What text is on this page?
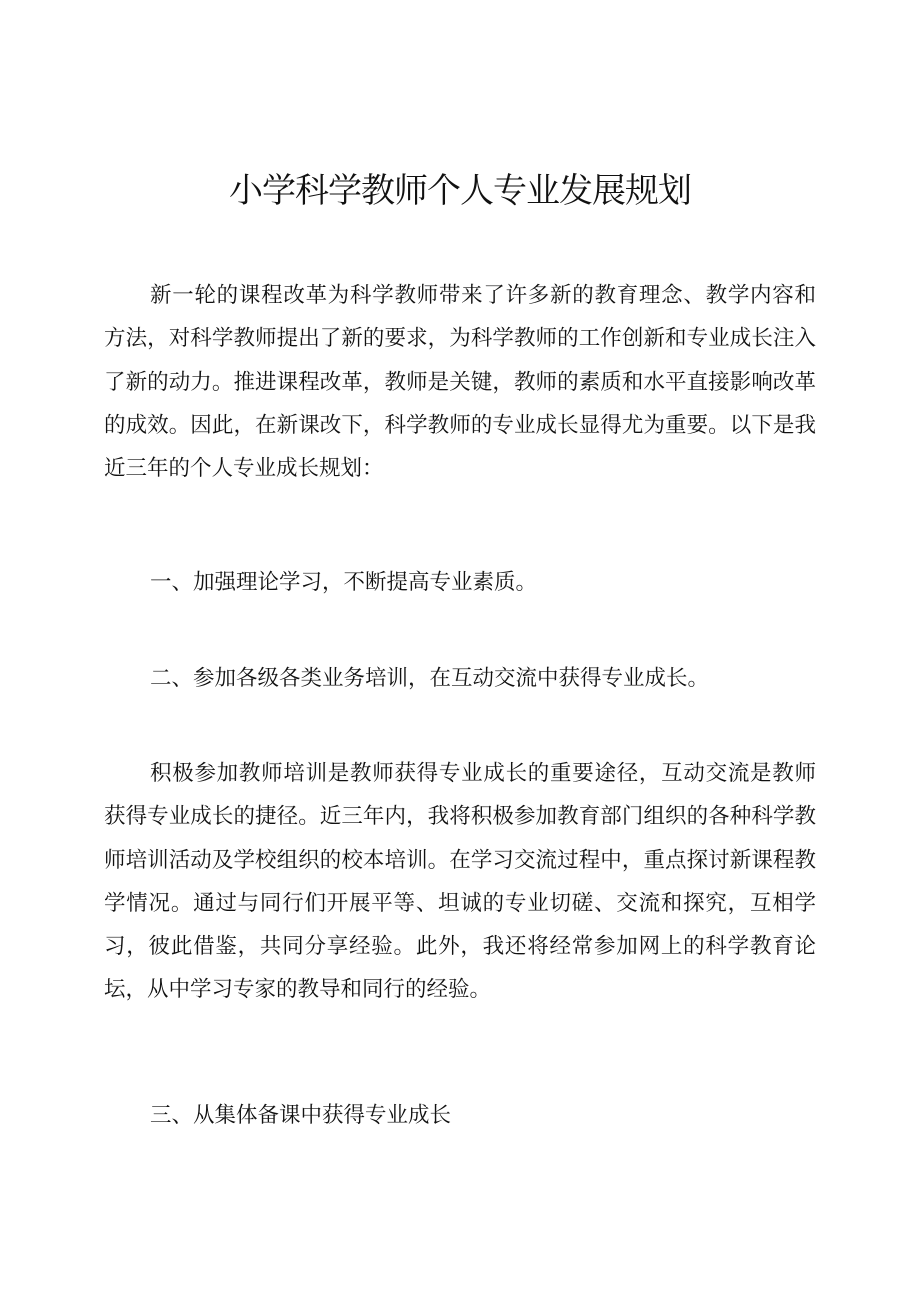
小学科学教师个人专业发展规划

新一轮的课程改革为科学教师带来了许多新的教育理念、教学内容和方法，对科学教师提出了新的要求，为科学教师的工作创新和专业成长注入了新的动力。推进课程改革，教师是关键，教师的素质和水平直接影响改革的成效。因此，在新课改下，科学教师的专业成长显得尤为重要。以下是我近三年的个人专业成长规划：

一、加强理论学习，不断提高专业素质。

二、参加各级各类业务培训，在互动交流中获得专业成长。

积极参加教师培训是教师获得专业成长的重要途径，互动交流是教师获得专业成长的捷径。近三年内，我将积极参加教育部门组织的各种科学教师培训活动及学校组织的校本培训。在学习交流过程中，重点探讨新课程教学情况。通过与同行们开展平等、坦诚的专业切磋、交流和探究，互相学习，彼此借鉴，共同分享经验。此外，我还将经常参加网上的科学教育论坛，从中学习专家的教导和同行的经验。

三、从集体备课中获得专业成长
